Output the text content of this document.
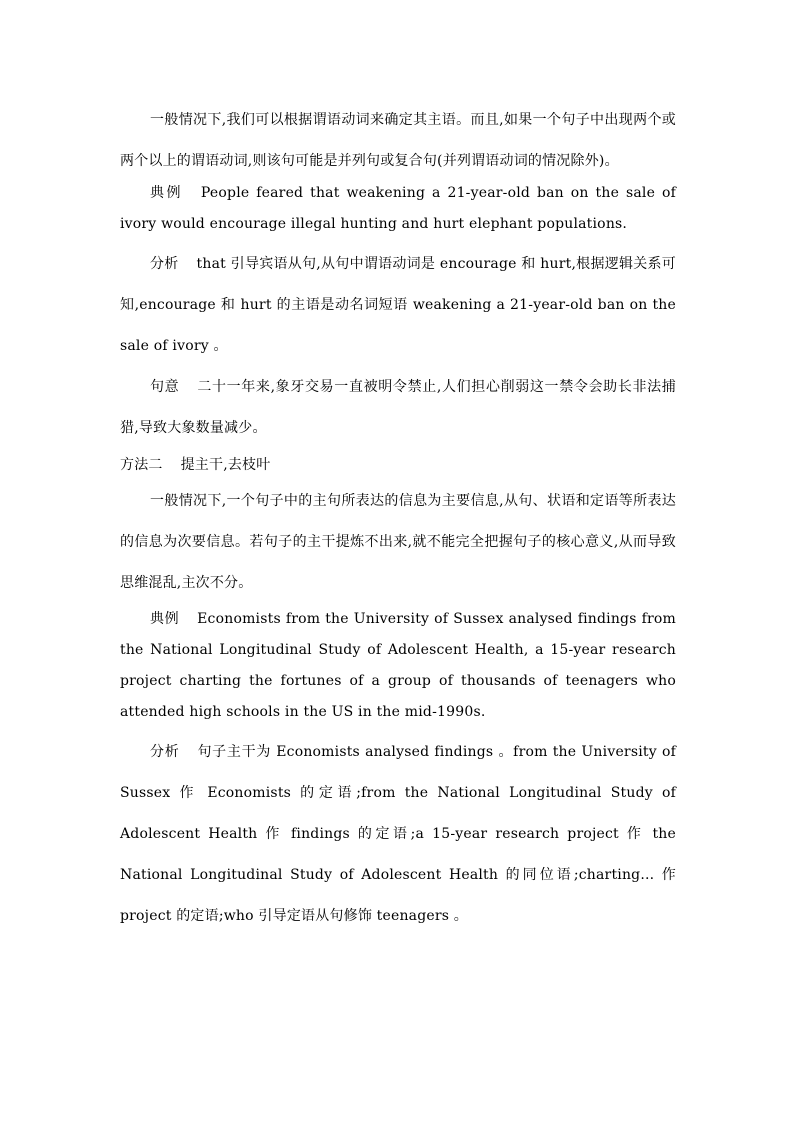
一般情况下,我们可以根据谓语动词来确定其主语。而且,如果一个句子中出现两个或两个以上的谓语动词,则该句可能是并列句或复合句(并列谓语动词的情况除外)。

典例 People feared that weakening a 21-year-old ban on the sale of ivory would encourage illegal hunting and hurt elephant populations.

分析 that 引导宾语从句,从句中谓语动词是 encourage 和 hurt,根据逻辑关系可知,encourage 和 hurt 的主语是动名词短语 weakening a 21-year-old ban on the sale of ivory 。

句意 二十一年来,象牙交易一直被明令禁止,人们担心削弱这一禁令会助长非法捕猎,导致大象数量减少。

方法二 提主干,去枝叶

一般情况下,一个句子中的主句所表达的信息为主要信息,从句、状语和定语等所表达的信息为次要信息。若句子的主干提炼不出来,就不能完全把握句子的核心意义,从而导致思维混乱,主次不分。

典例 Economists from the University of Sussex analysed findings from the National Longitudinal Study of Adolescent Health, a 15-year research project charting the fortunes of a group of thousands of teenagers who attended high schools in the US in the mid-1990s.

分析 句子主干为 Economists analysed findings 。from the University of Sussex 作 Economists 的定语;from the National Longitudinal Study of Adolescent Health 作 findings 的定语;a 15-year research project 作 the National Longitudinal Study of Adolescent Health 的同位语;charting... 作 project 的定语;who 引导定语从句修饰 teenagers 。
